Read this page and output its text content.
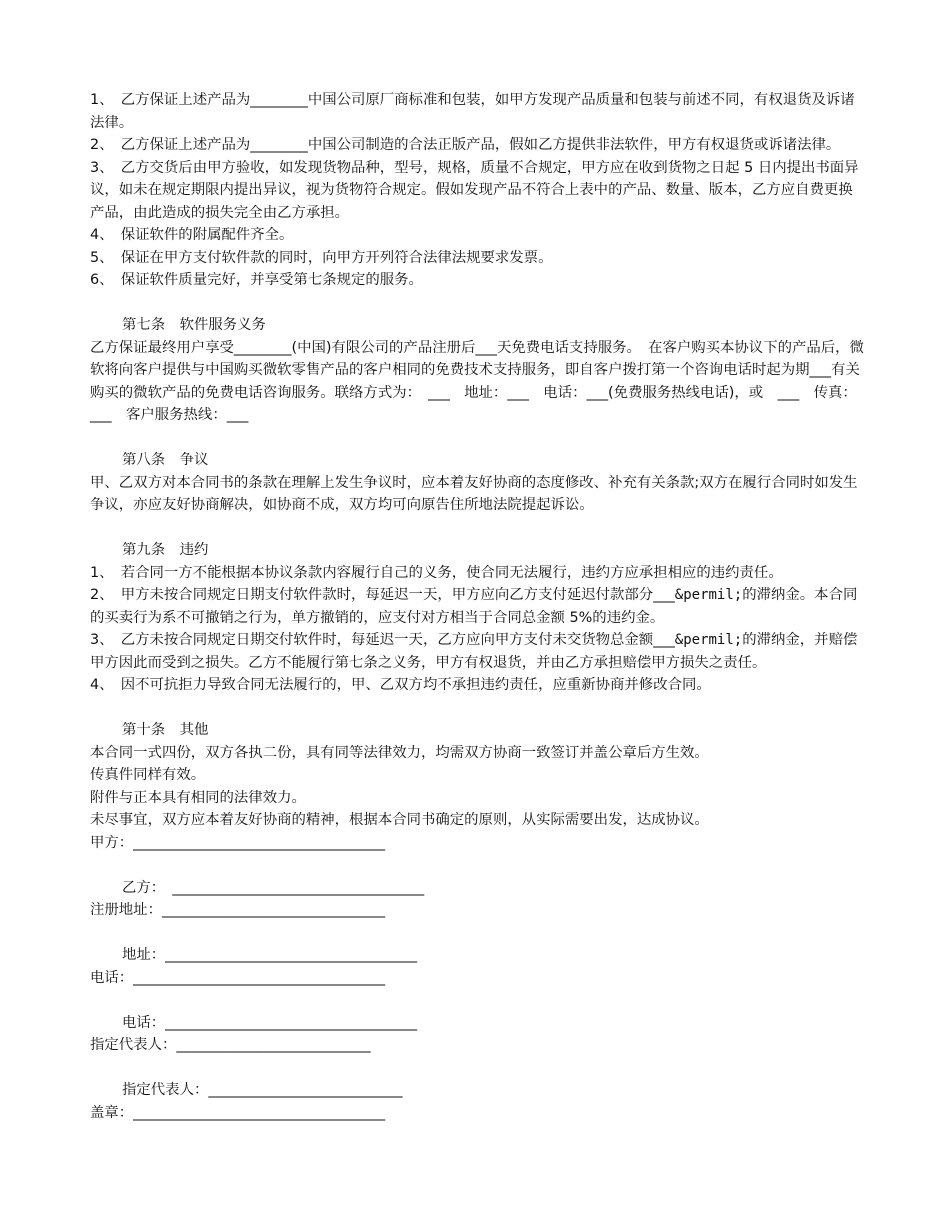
1、　乙方保证上述产品为________中国公司原厂商标准和包装，如甲方发现产品质量和包装与前述不同，有权退货及诉诸法律。

2、　乙方保证上述产品为________中国公司制造的合法正版产品，假如乙方提供非法软件，甲方有权退货或诉诸法律。

3、　乙方交货后由甲方验收，如发现货物品种，型号，规格，质量不合规定，甲方应在收到货物之日起 5 日内提出书面异议，如未在规定期限内提出异议，视为货物符合规定。假如发现产品不符合上表中的产品、数量、版本，乙方应自费更换产品，由此造成的损失完全由乙方承担。

4、　保证软件的附属配件齐全。

5、　保证在甲方支付软件款的同时，向甲方开列符合法律法规要求发票。

6、　保证软件质量完好，并享受第七条规定的服务。

第七条　软件服务义务

乙方保证最终用户享受________(中国)有限公司的产品注册后___天免费电话支持服务。　在客户购买本协议下的产品后，微软将向客户提供与中国购买微软零售产品的客户相同的免费技术支持服务，即自客户拨打第一个咨询电话时起为期___有关购买的微软产品的免费电话咨询服务。联络方式为：　___　地址：___　电话：___(免费服务热线电话)，或　___　传真：___　客户服务热线：___

第八条　争议

甲、乙双方对本合同书的条款在理解上发生争议时，应本着友好协商的态度修改、补充有关条款;双方在履行合同时如发生争议，亦应友好协商解决，如协商不成，双方均可向原告住所地法院提起诉讼。

第九条　违约

1、　若合同一方不能根据本协议条款内容履行自己的义务，使合同无法履行，违约方应承担相应的违约责任。

2、　甲方未按合同规定日期支付软件款时，每延迟一天，甲方应向乙方支付延迟付款部分___&permil;的滞纳金。本合同的买卖行为系不可撤销之行为，单方撤销的，应支付对方相当于合同总金额 5%的违约金。

3、　乙方未按合同规定日期交付软件时，每延迟一天，乙方应向甲方支付未交货物总金额___&permil;的滞纳金，并赔偿甲方因此而受到之损失。乙方不能履行第七条之义务，甲方有权退货，并由乙方承担赔偿甲方损失之责任。

4、　因不可抗拒力导致合同无法履行的，甲、乙双方均不承担违约责任，应重新协商并修改合同。

第十条　其他

本合同一式四份，双方各执二份，具有同等法律效力，均需双方协商一致签订并盖公章后方生效。

传真件同样有效。

附件与正本具有相同的法律效力。

未尽事宜，双方应本着友好协商的精神，根据本合同书确定的原则，从实际需要出发，达成协议。

甲方：___________________________________

乙方：　___________________________________

注册地址：_______________________________

地址：___________________________________

电话：___________________________________

电话：___________________________________

指定代表人：___________________________

指定代表人：___________________________

盖章：___________________________________
